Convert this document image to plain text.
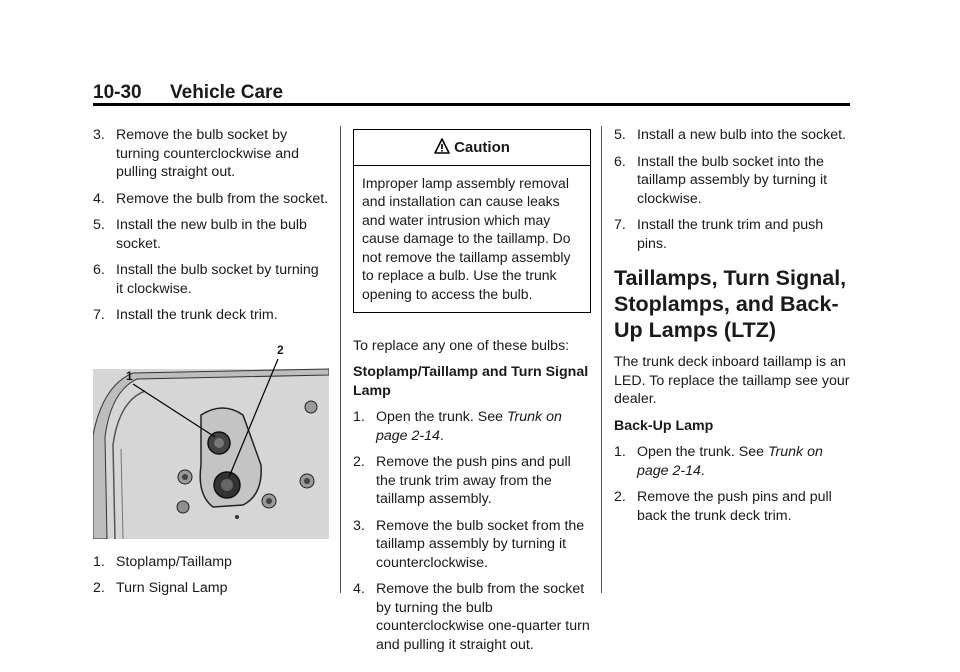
10-30 Vehicle Care
3. Remove the bulb socket by turning counterclockwise and pulling straight out.
4. Remove the bulb from the socket.
5. Install the new bulb in the bulb socket.
6. Install the bulb socket by turning it clockwise.
7. Install the trunk deck trim.
1
2
1. Stoplamp/Taillamp
2. Turn Signal Lamp
Caution
Improper lamp assembly removal and installation can cause leaks and water intrusion which may cause damage to the taillamp. Do not remove the taillamp assembly to replace a bulb. Use the trunk opening to access the bulb.

To replace any one of these bulbs:

Stoplamp/Taillamp and Turn Signal Lamp

1. Open the trunk. See Trunk on page 2-14.
2. Remove the push pins and pull the trunk trim away from the taillamp assembly.
3. Remove the bulb socket from the taillamp assembly by turning it counterclockwise.
4. Remove the bulb from the socket by turning the bulb counterclockwise one-quarter turn and pulling it straight out.
5. Install a new bulb into the socket.
6. Install the bulb socket into the taillamp assembly by turning it clockwise.
7. Install the trunk trim and push pins.
Taillamps, Turn Signal, Stoplamps, and Back-Up Lamps (LTZ)

The trunk deck inboard taillamp is an LED. To replace the taillamp see your dealer.

Back-Up Lamp

1. Open the trunk. See Trunk on page 2-14.
2. Remove the push pins and pull back the trunk deck trim.
